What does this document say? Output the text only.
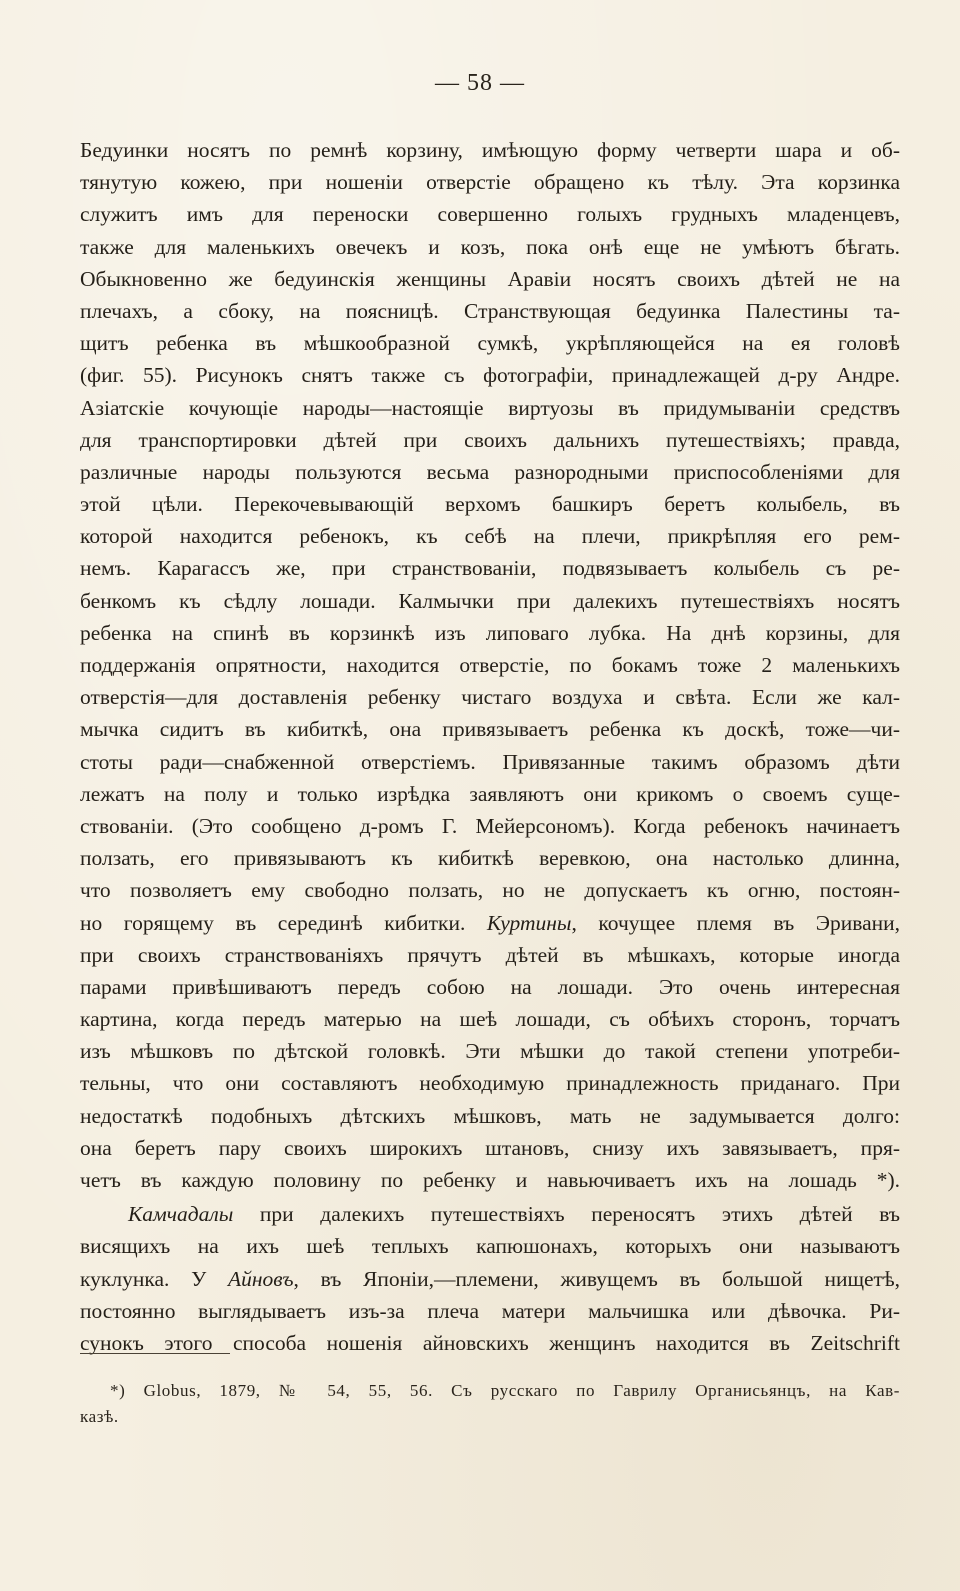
— 58 —
Бедуинки носятъ по ремнѣ корзину, имѣющую форму четверти шара и об-
тянутую кожею, при ношенiи отверстiе обращено къ тѣлу. Эта корзинка
служитъ имъ для переноски совершенно голыхъ грудныхъ младенцевъ,
также для маленькихъ овечекъ и козъ, пока онѣ еще не умѣютъ бѣгать.
Обыкновенно же бедуинскiя женщины Аравiи носятъ своихъ дѣтей не на
плечахъ, а сбоку, на поясницѣ. Странствующая бедуинка Палестины та-
щитъ ребенка въ мѣшкообразной сумкѣ, укрѣпляющейся на ея головѣ
(фиг. 55). Рисунокъ снятъ также съ фотографiи, принадлежащей д-ру Андре.
Азiатскiе кочующiе народы—настоящiе виртуозы въ придумыванiи средствъ
для транспортировки дѣтей при своихъ дальнихъ путешествiяхъ; правда,
различные народы пользуются весьма разнородными приспособленiями для
этой цѣли. Перекочевывающiй верхомъ башкиръ беретъ колыбель, въ
которой находится ребенокъ, къ себѣ на плечи, прикрѣпляя его рем-
немъ. Карагассъ же, при странствованiи, подвязываетъ колыбель съ ре-
бенкомъ къ сѣдлу лошади. Калмычки при далекихъ путешествiяхъ носятъ
ребенка на спинѣ въ корзинкѣ изъ липоваго лубка. На днѣ корзины, для
поддержанiя опрятности, находится отверстiе, по бокамъ тоже 2 маленькихъ
отверстiя—для доставленiя ребенку чистаго воздуха и свѣта. Если же кал-
мычка сидитъ въ кибиткѣ, она привязываетъ ребенка къ доскѣ, тоже—чи-
стоты ради—снабженной отверстiемъ. Привязанные такимъ образомъ дѣти
лежатъ на полу и только изрѣдка заявляютъ они крикомъ о своемъ суще-
ствованiи. (Это сообщено д-ромъ Г. Мейерсономъ). Когда ребенокъ начинаетъ
ползать, его привязываютъ къ кибиткѣ веревкою, она настолько длинна,
что позволяетъ ему свободно ползать, но не допускаетъ къ огню, постоян-
но горящему въ серединѣ кибитки. Куртины, кочущее племя въ Эривани,
при своихъ странствованiяхъ прячутъ дѣтей въ мѣшкахъ, которые иногда
парами привѣшиваютъ передъ собою на лошади. Это очень интересная
картина, когда передъ матерью на шеѣ лошади, съ обѣихъ сторонъ, торчатъ
изъ мѣшковъ по дѣтской головкѣ. Эти мѣшки до такой степени употреби-
тельны, что они составляютъ необходимую принадлежность приданаго. При
недостаткѣ подобныхъ дѣтскихъ мѣшковъ, мать не задумывается долго:
она беретъ пару своихъ широкихъ штановъ, снизу ихъ завязываетъ, пря-
четъ въ каждую половину по ребенку и навьючиваетъ ихъ на лошадь *).
Камчадалы при далекихъ путешествiяхъ переносятъ этихъ дѣтей въ
висящихъ на ихъ шеѣ теплыхъ капюшонахъ, которыхъ они называютъ
куклунка. У Айновъ, въ Японiи,—племени, живущемъ въ большой нищетѣ,
постоянно выглядываетъ изъ-за плеча матери мальчишка или дѣвочка. Ри-
сунокъ этого способа ношенiя айновскихъ женщинъ находится въ Zeitschrift
*) Globus, 1879, № 54, 55, 56. Съ русскаго по Гаврилу Органисьянцъ, на Кав-
казѣ.
